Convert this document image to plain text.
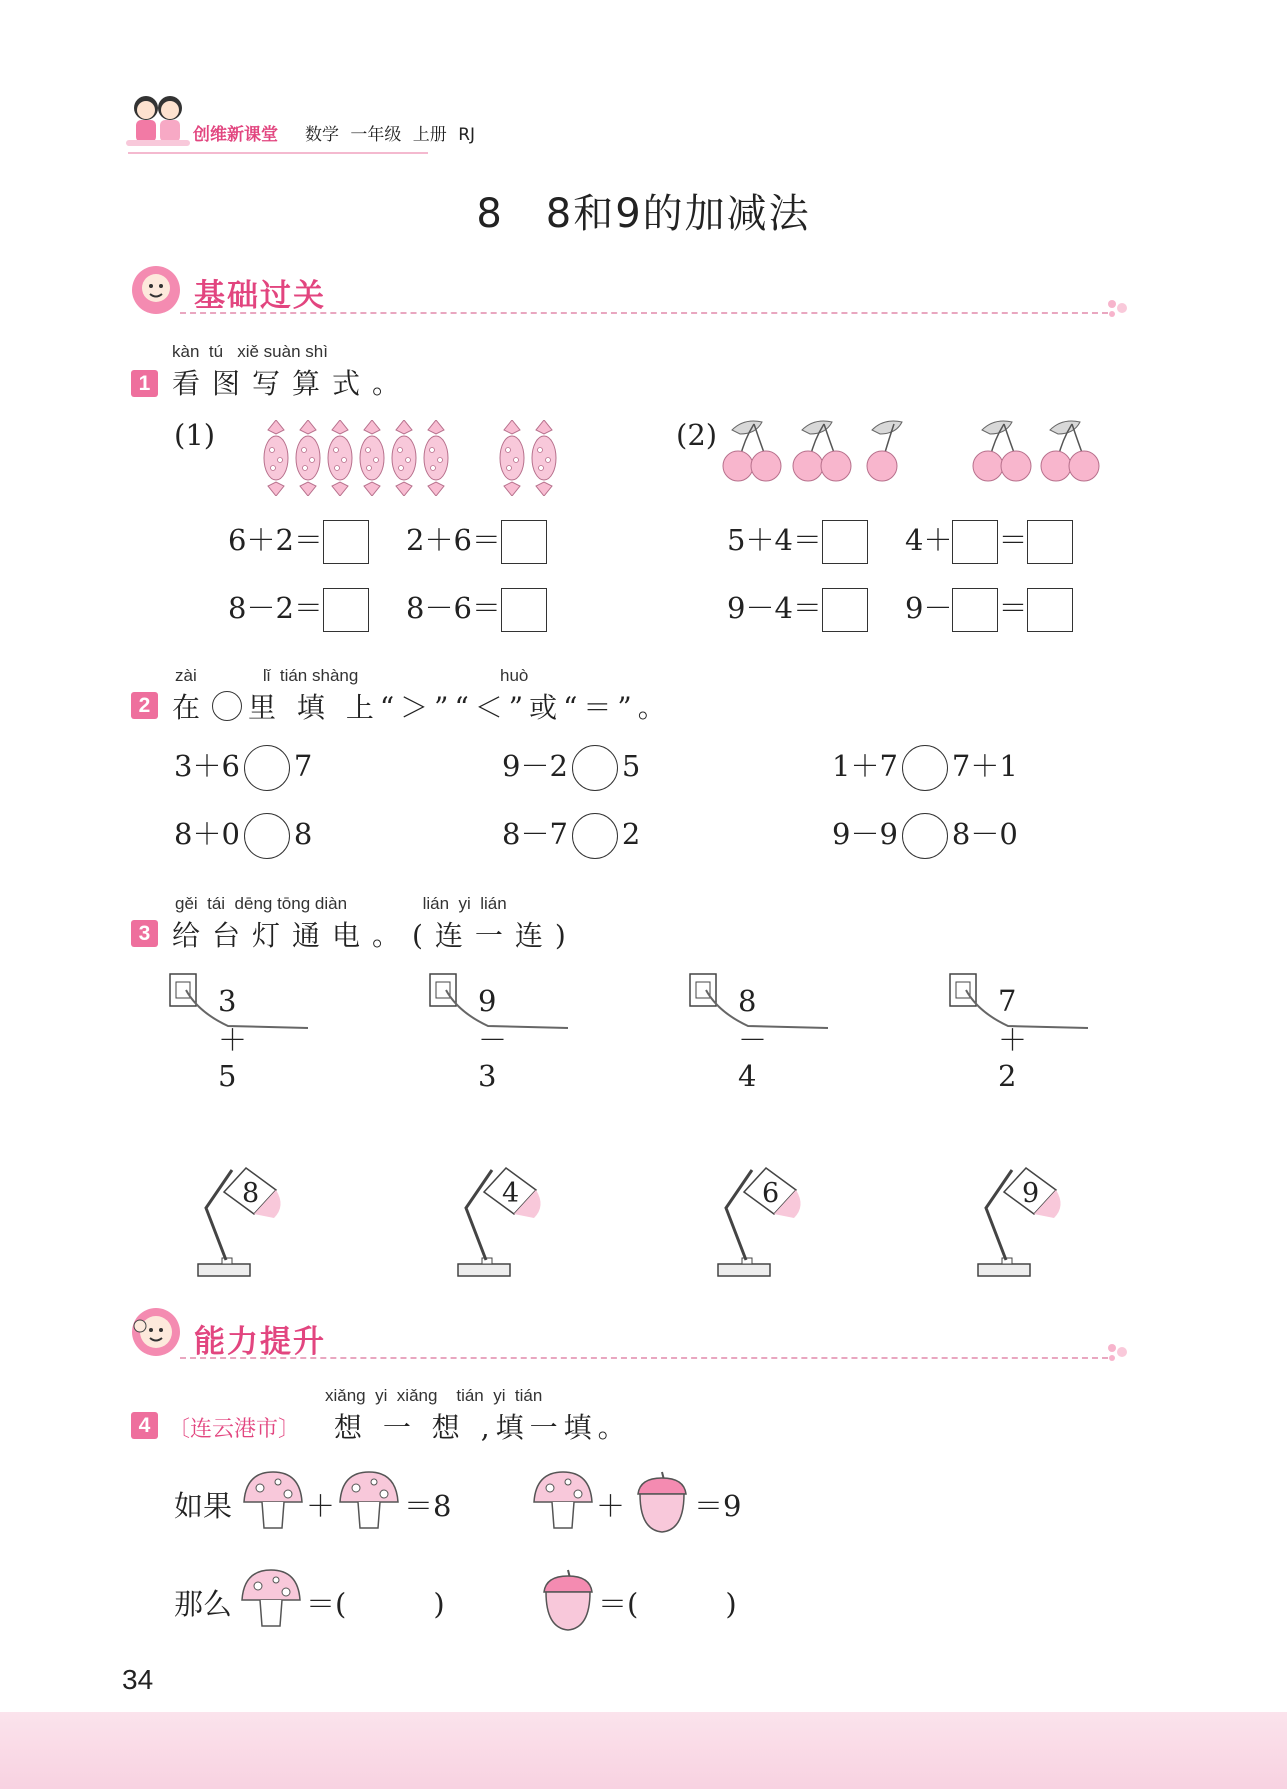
创维新课堂 数学 一年级 上册 RJ
8　8和9的加减法
基础过关
kàn  tú   xiě suàn shì
1 看图写算式。
(1)	(2)
6＋2＝	2＋6＝
8－2＝	8－6＝
5＋4＝	4＋ ＝
9－4＝	9－ ＝
zài              lǐ  tián shàng                              huò
2 在 里 填 上“＞”“＜”或“＝”。
3＋6 7	9－2 5	1＋7 7＋1
8＋0 8	8－7 2	9－9 8－0
gěi  tái  dēng tōng diàn                lián  yi  lián
3 给台灯通电。(连一连)
3＋5
9－3
8－4
7＋2
8	4	6	9
能力提升
xiǎng  yi  xiǎng    tián  yi  tián
4 〔连云港市〕 想 一 想 ,填一填。
如果	＋ ＝8	＋ ＝9
那么	＝(　　　)	＝(　　　)
34
